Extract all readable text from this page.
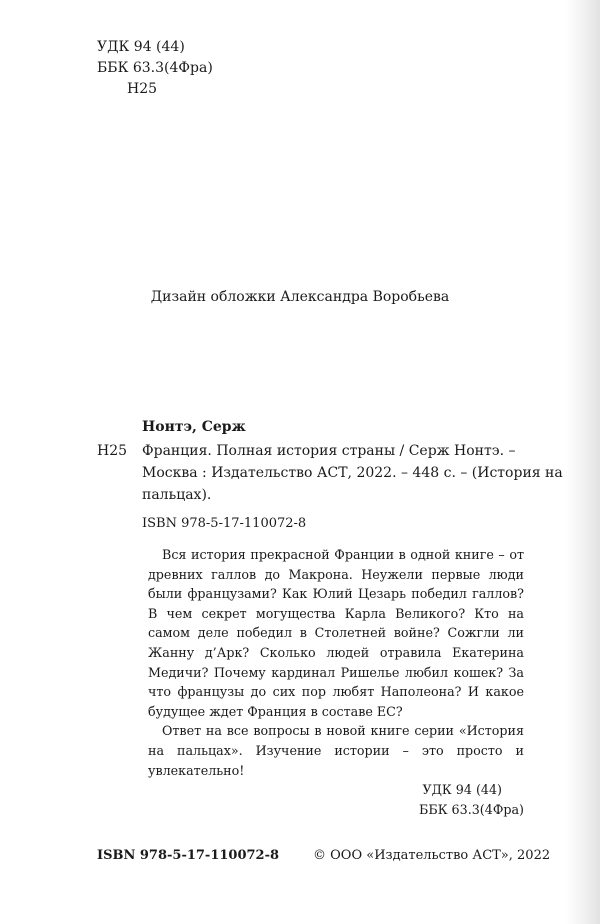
УДК 94 (44)
ББК 63.3(4Фра)
Н25
Дизайн обложки Александра Воробьева
Нонтэ, Серж
Н25 Франция. Полная история страны / Серж Нонтэ. –
Москва : Издательство АСТ, 2022. – 448 с. – (История на
пальцах).
ISBN 978-5-17-110072-8

Вся история прекрасной Франции в одной книге – от древних галлов до Макрона. Неужели первые люди были французами? Как Юлий Цезарь победил галлов? В чем секрет могущества Карла Великого? Кто на самом деле победил в Столетней войне? Сожгли ли Жанну д’Арк? Сколько людей отравила Екатерина Медичи? Почему кардинал Ришелье любил кошек? За что французы до сих пор любят Наполеона? И какое будущее ждет Франция в составе ЕС?

Ответ на все вопросы в новой книге серии «История на пальцах». Изучение истории – это просто и увлекательно!

УДК 94 (44)

ББК 63.3(4Фра)

ISBN 978-5-17-110072-8	© ООО «Издательство АСТ», 2022
